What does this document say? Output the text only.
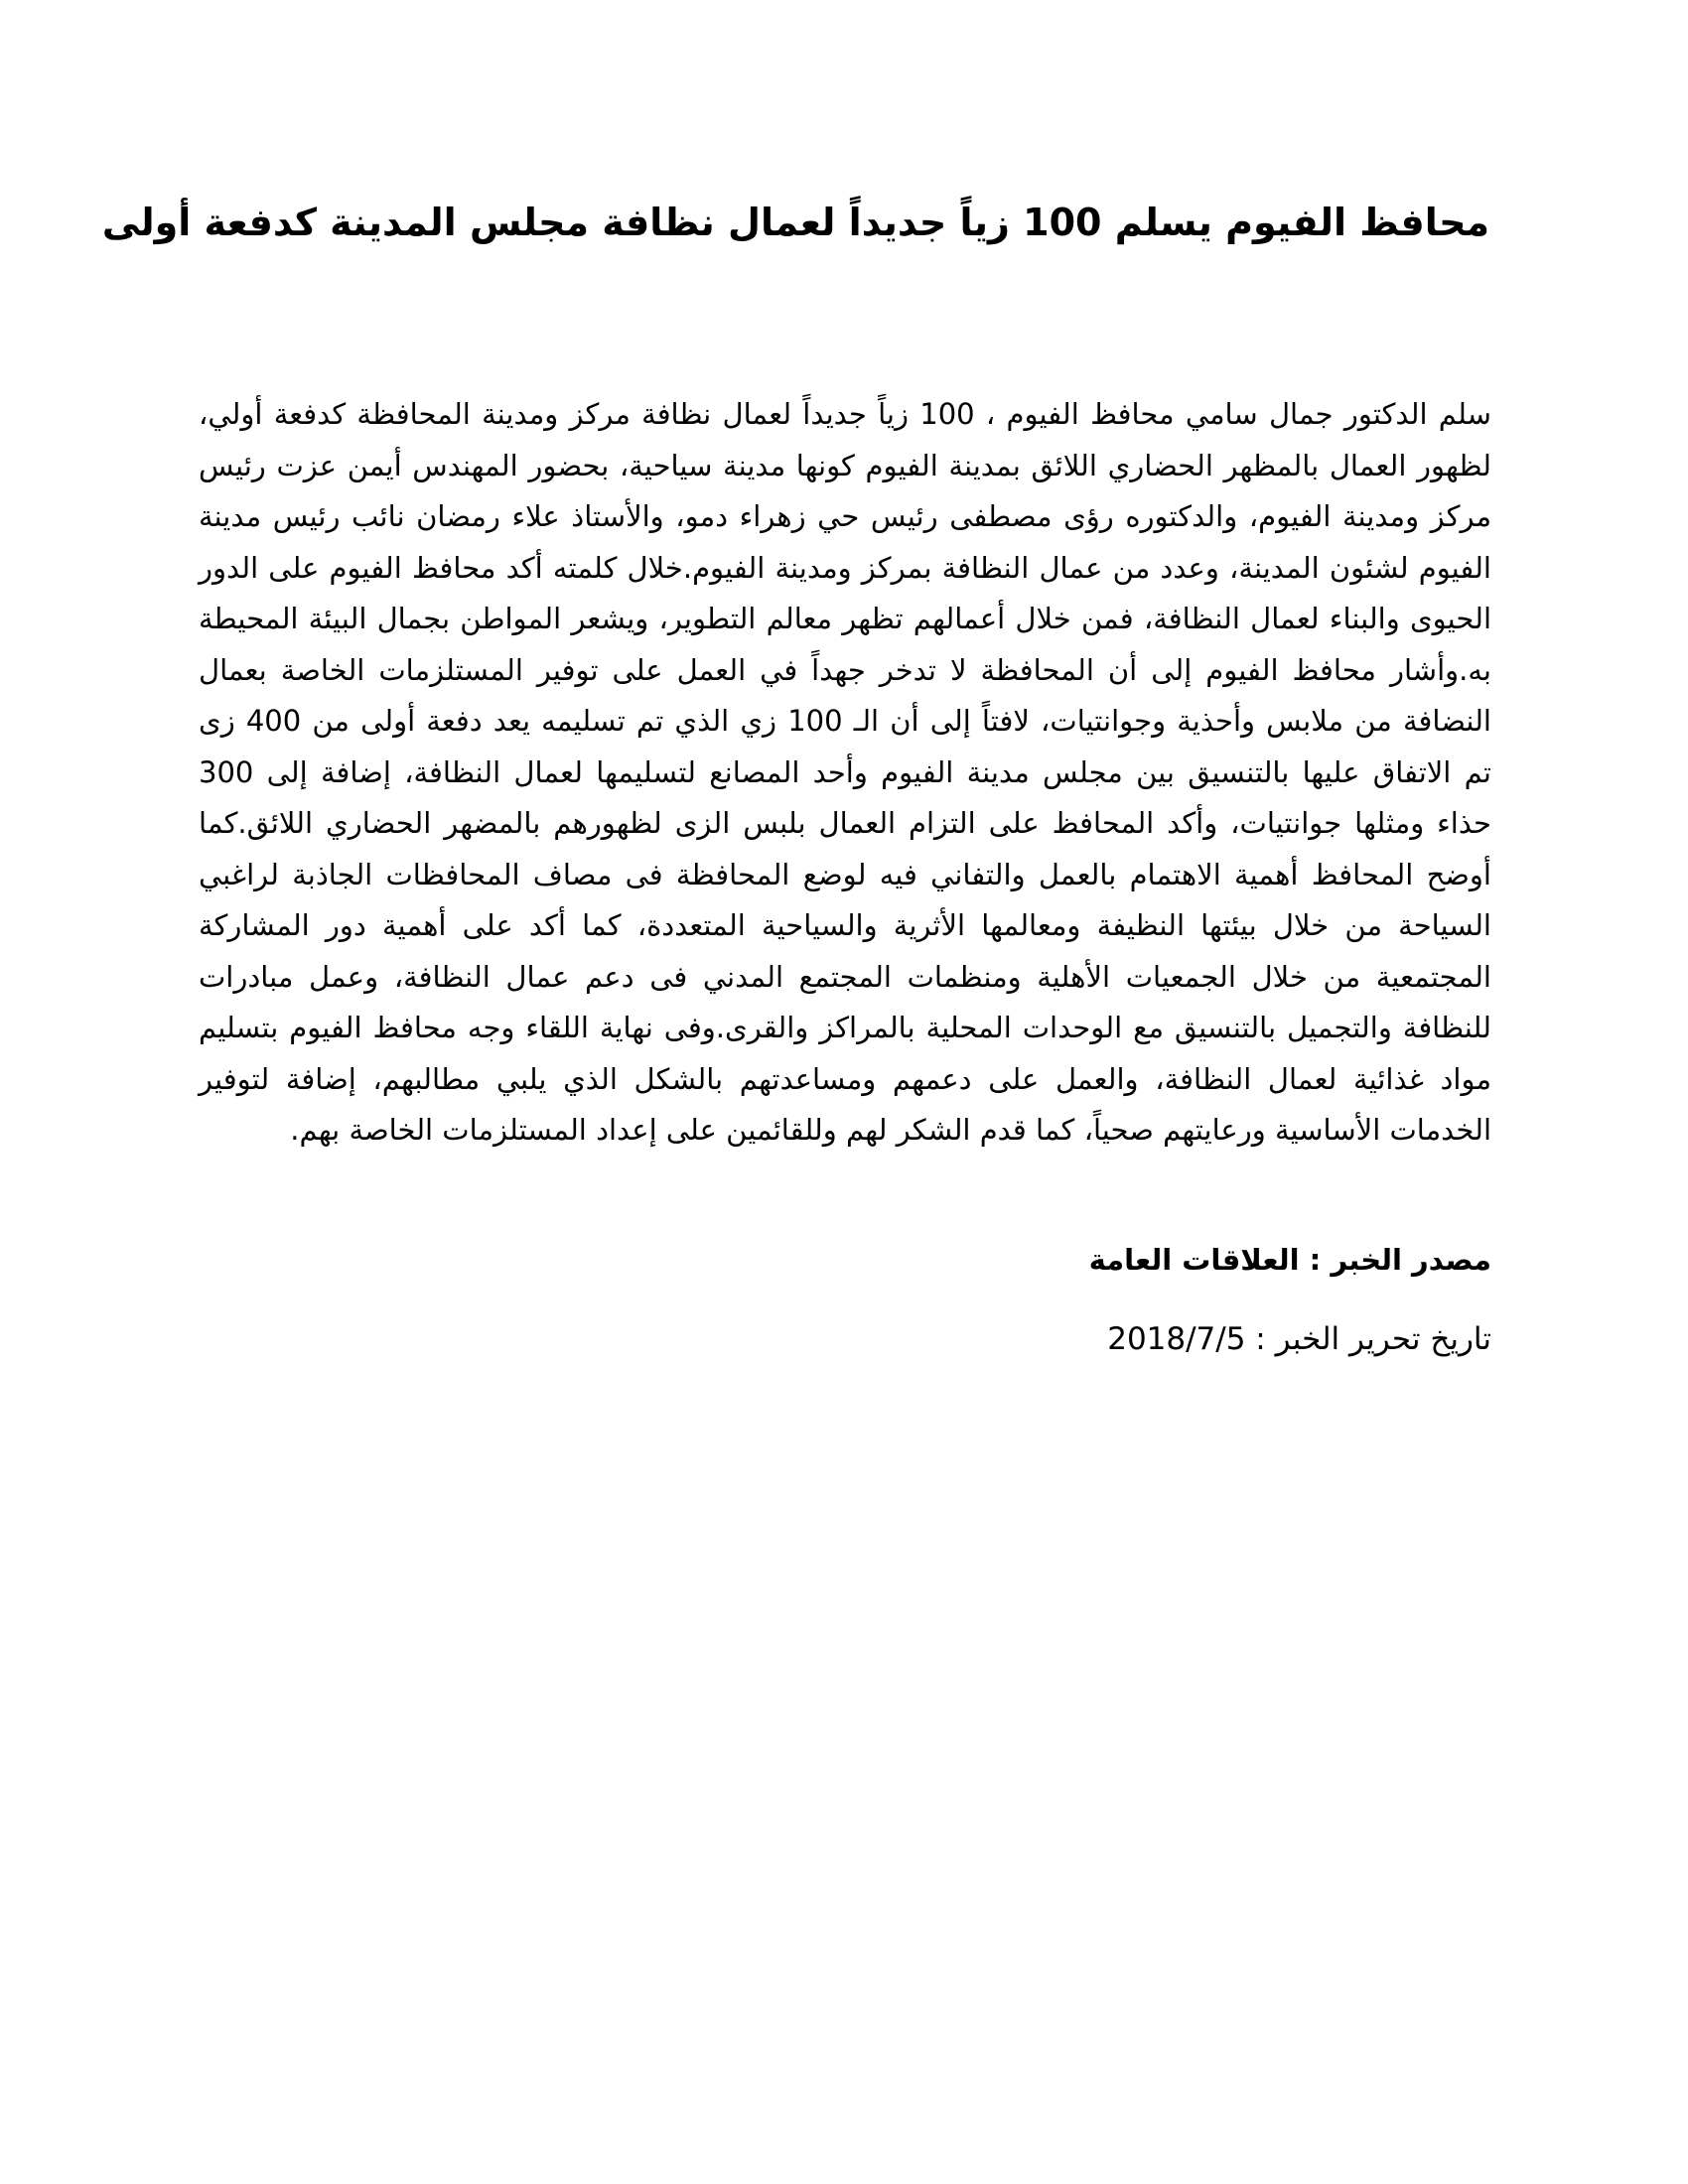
محافظ الفيوم يسلم 100 زياً جديداً لعمال نظافة مجلس المدينة كدفعة أولى

سلم الدكتور جمال سامي محافظ الفيوم ، 100 زياً جديداً لعمال نظافة مركز ومدينة المحافظة كدفعة أولي، لظهور العمال بالمظهر الحضاري اللائق بمدينة الفيوم كونها مدينة سياحية، بحضور المهندس أيمن عزت رئيس مركز ومدينة الفيوم، والدكتوره رؤى مصطفى رئيس حي زهراء دمو، والأستاذ علاء رمضان نائب رئيس مدينة الفيوم لشئون المدينة، وعدد من عمال النظافة بمركز ومدينة الفيوم.خلال كلمته أكد محافظ الفيوم على الدور الحيوى والبناء لعمال النظافة، فمن خلال أعمالهم تظهر معالم التطوير، ويشعر المواطن بجمال البيئة المحيطة به.وأشار محافظ الفيوم إلى أن المحافظة لا تدخر جهداً في العمل على توفير المستلزمات الخاصة بعمال النضافة من ملابس وأحذية وجوانتيات، لافتاً إلى أن الـ 100 زي الذي تم تسليمه يعد دفعة أولى من 400 زى تم الاتفاق عليها بالتنسيق بين مجلس مدينة الفيوم وأحد المصانع لتسليمها لعمال النظافة، إضافة إلى 300 حذاء ومثلها جوانتيات، وأكد المحافظ على التزام العمال بلبس الزى لظهورهم بالمضهر الحضاري اللائق.كما أوضح المحافظ أهمية الاهتمام بالعمل والتفاني فيه لوضع المحافظة فى مصاف المحافظات الجاذبة لراغبي السياحة من خلال بيئتها النظيفة ومعالمها الأثرية والسياحية المتعددة، كما أكد على أهمية دور المشاركة المجتمعية من خلال الجمعيات الأهلية ومنظمات المجتمع المدني فى دعم عمال النظافة، وعمل مبادرات للنظافة والتجميل بالتنسيق مع الوحدات المحلية بالمراكز والقرى.وفى نهاية اللقاء وجه محافظ الفيوم بتسليم مواد غذائية لعمال النظافة، والعمل على دعمهم ومساعدتهم بالشكل الذي يلبي مطالبهم، إضافة لتوفير الخدمات الأساسية ورعايتهم صحياً، كما قدم الشكر لهم وللقائمين على إعداد المستلزمات الخاصة بهم.

مصدر الخبر : العلاقات العامة

تاريخ تحرير الخبر : 2018/7/5
